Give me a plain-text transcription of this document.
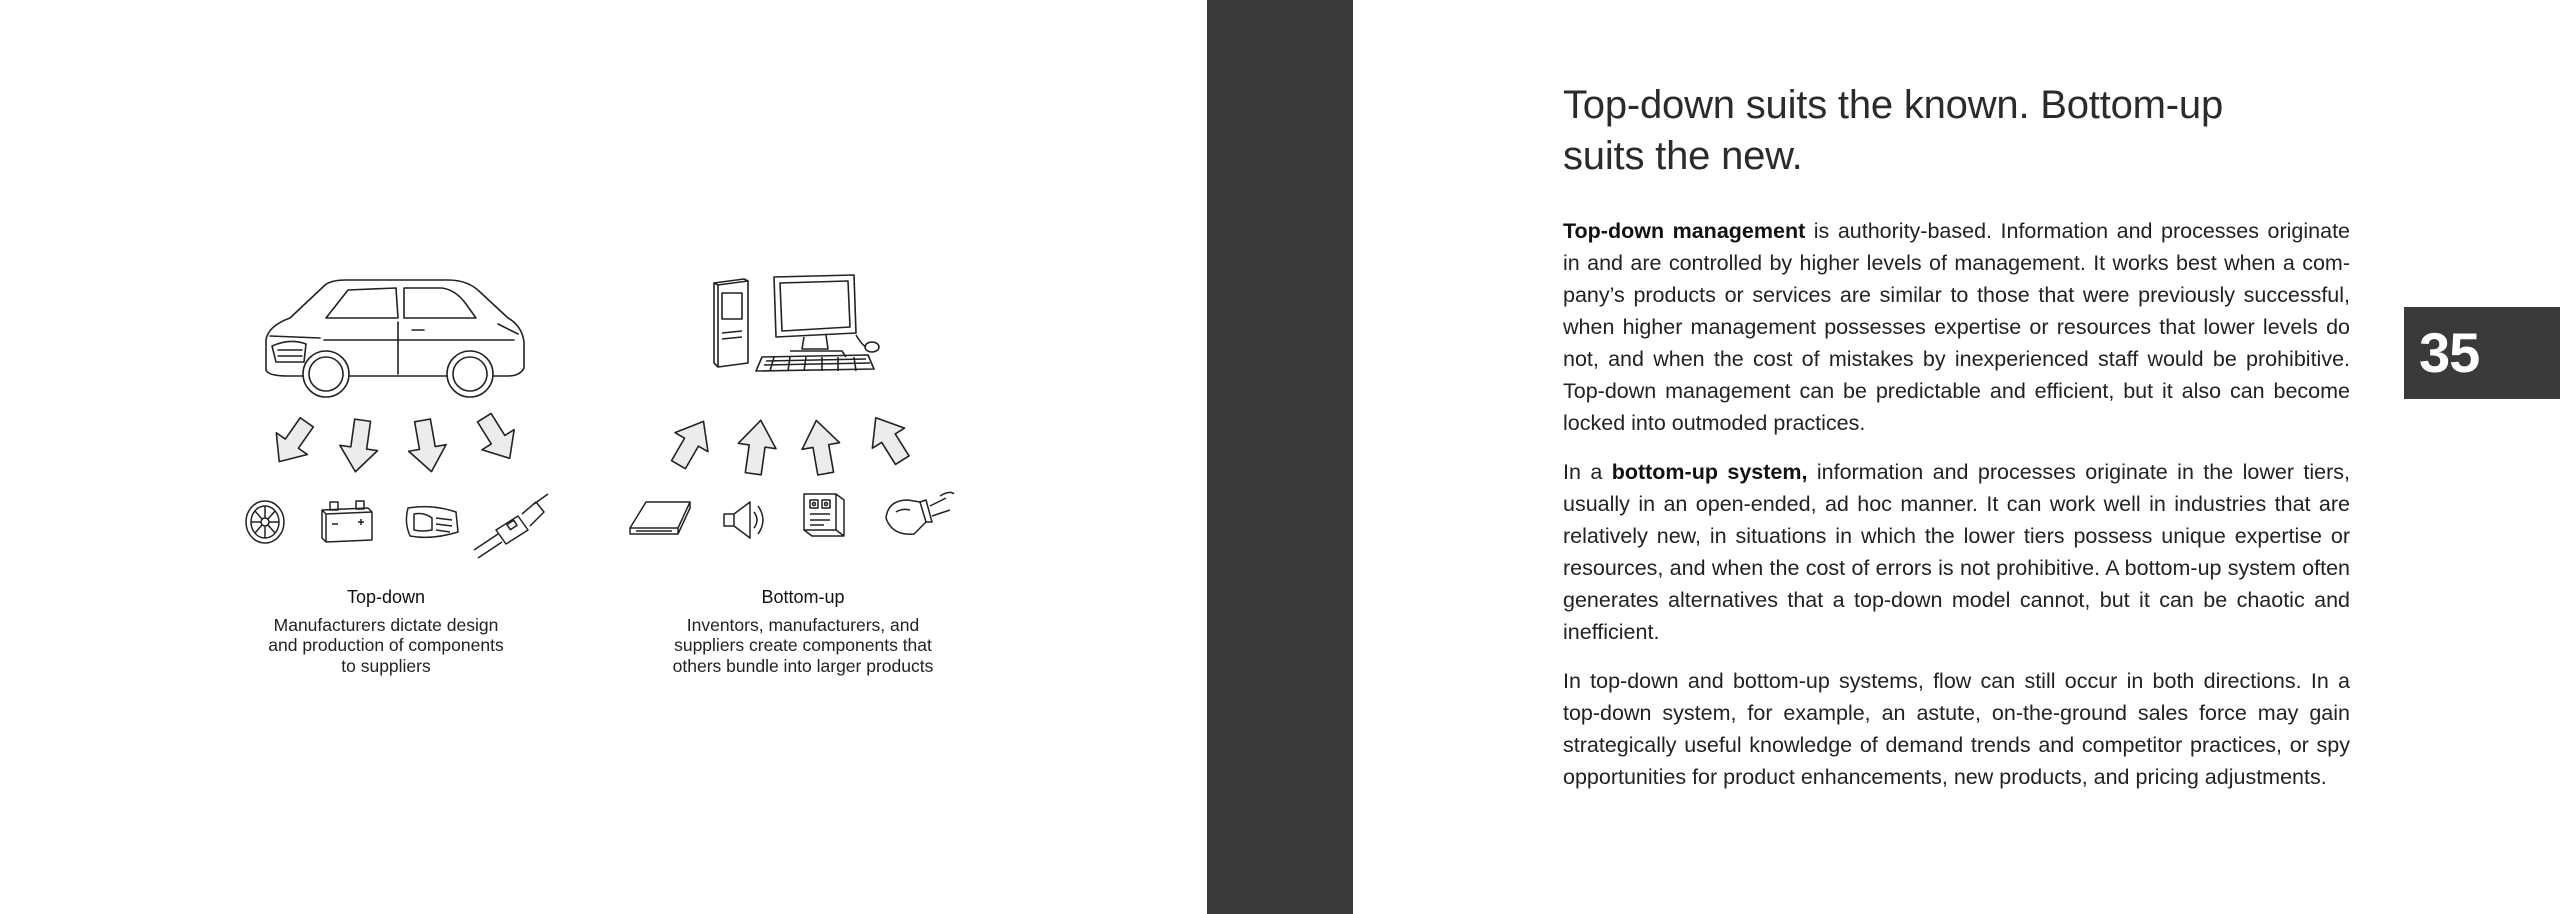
Top-down
Manufacturers dictate design
and production of components
to suppliers
Bottom-up
Inventors, manufacturers, and
suppliers create components that
others bundle into larger products
Top-down suits the known. Bottom-up
suits the new.

Top-down management is authority-based. Information and processes originate in and are controlled by higher levels of management. It works best when a company’s products or services are similar to those that were previously successful, when higher management possesses expertise or resources that lower levels do not, and when the cost of mistakes by inexperienced staff would be prohibitive. Top-down management can be predictable and efficient, but it also can become locked into outmoded practices.

In a bottom-up system, information and processes originate in the lower tiers, usually in an open-ended, ad hoc manner. It can work well in industries that are relatively new, in situations in which the lower tiers possess unique expertise or resources, and when the cost of errors is not prohibitive. A bottom-up system often generates alternatives that a top-down model cannot, but it can be chaotic and inefficient.

In top-down and bottom-up systems, flow can still occur in both directions. In a top-down system, for example, an astute, on-the-ground sales force may gain strategically useful knowledge of demand trends and competitor practices, or spy opportunities for product enhancements, new products, and pricing adjustments.

35
